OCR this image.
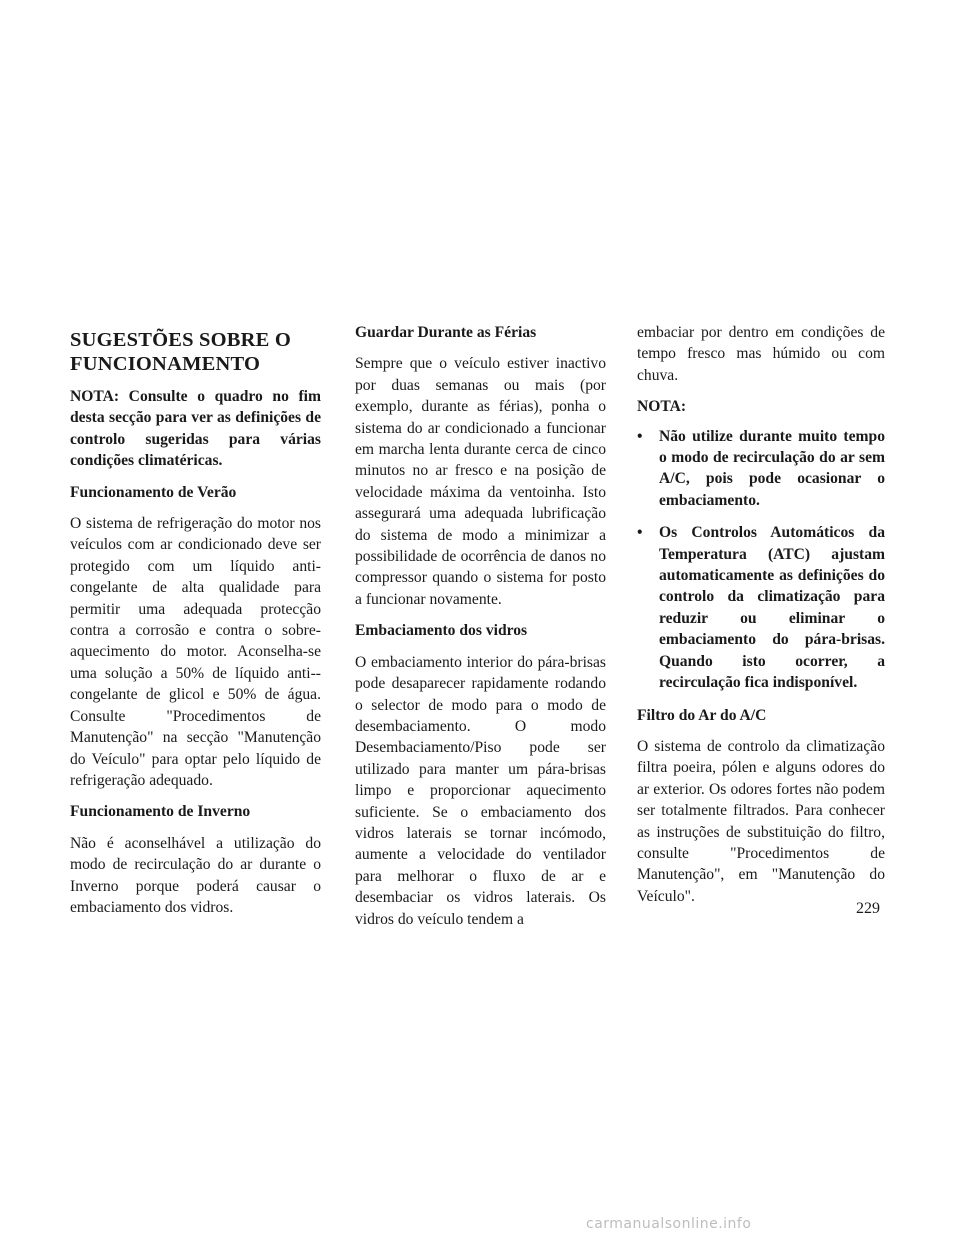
SUGESTÕES SOBRE O
FUNCIONAMENTO

NOTA: Consulte o quadro no fim desta secção para ver as definições de controlo sugeridas para várias condições climatéricas.

Funcionamento de Verão

O sistema de refrigeração do motor nos veículos com ar condicionado deve ser protegido com um líquido anti-congelante de alta qualidade para permitir uma adequada protecção contra a corrosão e contra o sobre-aquecimento do motor. Aconselha-se uma solução a 50% de líquido anti--congelante de glicol e 50% de água. Consulte "Procedimentos de Manutenção" na secção "Manutenção do Veículo" para optar pelo líquido de refrigeração adequado.

Funcionamento de Inverno

Não é aconselhável a utilização do modo de recirculação do ar durante o Inverno porque poderá causar o embaciamento dos vidros.

Guardar Durante as Férias

Sempre que o veículo estiver inactivo por duas semanas ou mais (por exemplo, durante as férias), ponha o sistema do ar condicionado a funcionar em marcha lenta durante cerca de cinco minutos no ar fresco e na posição de velocidade máxima da ventoinha. Isto assegurará uma adequada lubrificação do sistema de modo a minimizar a possibilidade de ocorrência de danos no compressor quando o sistema for posto a funcionar novamente.

Embaciamento dos vidros

O embaciamento interior do pára-brisas pode desaparecer rapidamente rodando o selector de modo para o modo de desembaciamento. O modo Desembaciamento/Piso pode ser utilizado para manter um pára-brisas limpo e proporcionar aquecimento suficiente. Se o embaciamento dos vidros laterais se tornar incómodo, aumente a velocidade do ventilador para melhorar o fluxo de ar e desembaciar os vidros laterais. Os vidros do veículo tendem a

embaciar por dentro em condições de tempo fresco mas húmido ou com chuva.

NOTA:

• Não utilize durante muito tempo o modo de recirculação do ar sem A/C, pois pode ocasionar o embaciamento.
• Os Controlos Automáticos da Temperatura (ATC) ajustam automaticamente as definições do controlo da climatização para reduzir ou eliminar o embaciamento do pára-brisas. Quando isto ocorrer, a recirculação fica indisponível.

Filtro do Ar do A/C

O sistema de controlo da climatização filtra poeira, pólen e alguns odores do ar exterior. Os odores fortes não podem ser totalmente filtrados. Para conhecer as instruções de substituição do filtro, consulte "Procedimentos de Manutenção", em "Manutenção do Veículo".

229
carmanualsonline.info
